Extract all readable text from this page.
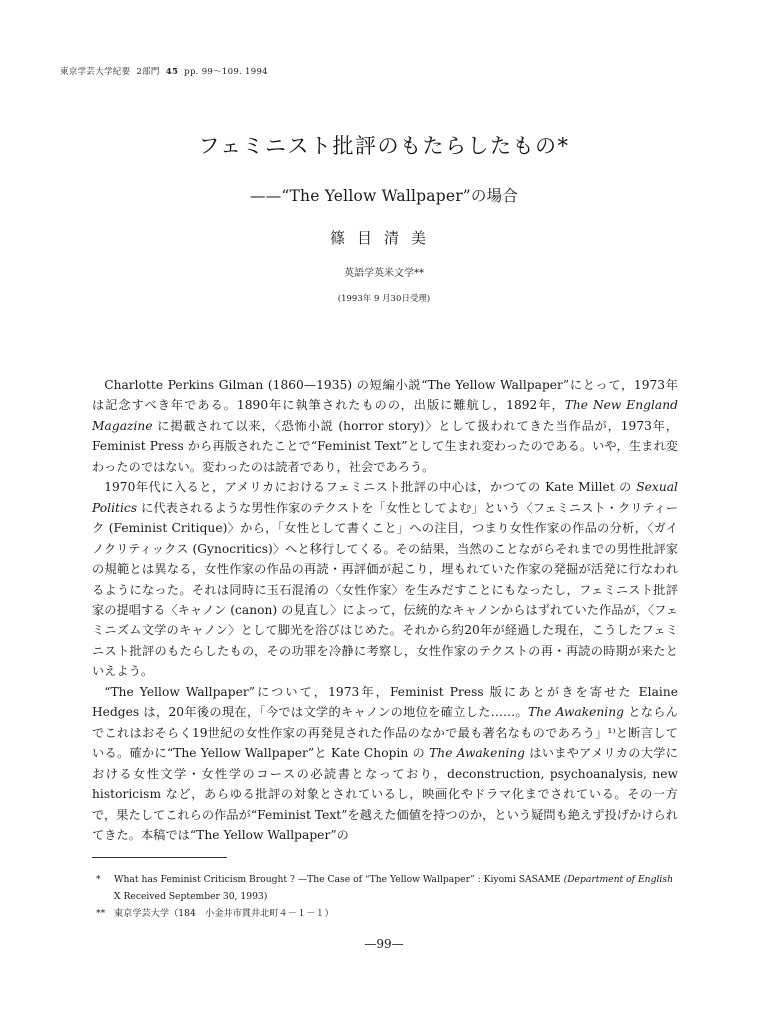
東京学芸大学紀要 2部門 45 pp. 99〜109. 1994
フェミニスト批評のもたらしたもの*
——“The Yellow Wallpaper”の場合
篠目清美
英語学英米文学**
(1993年 9 月30日受理)

Charlotte Perkins Gilman (1860—1935) の短編小説“The Yellow Wallpaper”にとって，1973年は記念すべき年である。1890年に執筆されたものの，出版に難航し，1892年，The New England Magazine に掲載されて以来，〈恐怖小説 (horror story)〉として扱われてきた当作品が，1973年，Feminist Press から再版されたことで“Feminist Text”として生まれ変わったのである。いや，生まれ変わったのではない。変わったのは読者であり，社会であろう。

1970年代に入ると，アメリカにおけるフェミニスト批評の中心は，かつての Kate Millet の Sexual Politics に代表されるような男性作家のテクストを「女性としてよむ」という〈フェミニスト・クリティーク (Feminist Critique)〉から，「女性として書くこと」への注目，つまり女性作家の作品の分析，〈ガイノクリティックス (Gynocritics)〉へと移行してくる。その結果，当然のことながらそれまでの男性批評家の規範とは異なる，女性作家の作品の再読・再評価が起こり，埋もれていた作家の発掘が活発に行なわれるようになった。それは同時に玉石混淆の〈女性作家〉を生みだすことにもなったし，フェミニスト批評家の提唱する〈キャノン (canon) の見直し〉によって，伝統的なキャノンからはずれていた作品が，〈フェミニズム文学のキャノン〉として脚光を浴びはじめた。それから約20年が経過した現在，こうしたフェミニスト批評のもたらしたもの，その功罪を冷静に考察し，女性作家のテクストの再・再読の時期が来たといえよう。

“The Yellow Wallpaper”について，1973年，Feminist Press 版にあとがきを寄せた Elaine Hedges は，20年後の現在，「今では文学的キャノンの地位を確立した……。The Awakening とならんでこれはおそらく19世紀の女性作家の再発見された作品のなかで最も著名なものであろう」¹⁾と断言している。確かに“The Yellow Wallpaper”と Kate Chopin の The Awakening はいまやアメリカの大学における女性文学・女性学のコースの必読書となっており，deconstruction, psychoanalysis, new historicism など，あらゆる批評の対象とされているし，映画化やドラマ化までされている。その一方で，果たしてこれらの作品が“Feminist Text”を越えた価値を持つのか，という疑問も絶えず投げかけられてきた。本稿では“The Yellow Wallpaper”の

* What has Feminist Criticism Brought ? —The Case of “The Yellow Wallpaper” : Kiyomi SASAME (Department of English X Received September 30, 1993)
** 東京学芸大学（184　小金井市貫井北町４－１－１）
—99—
